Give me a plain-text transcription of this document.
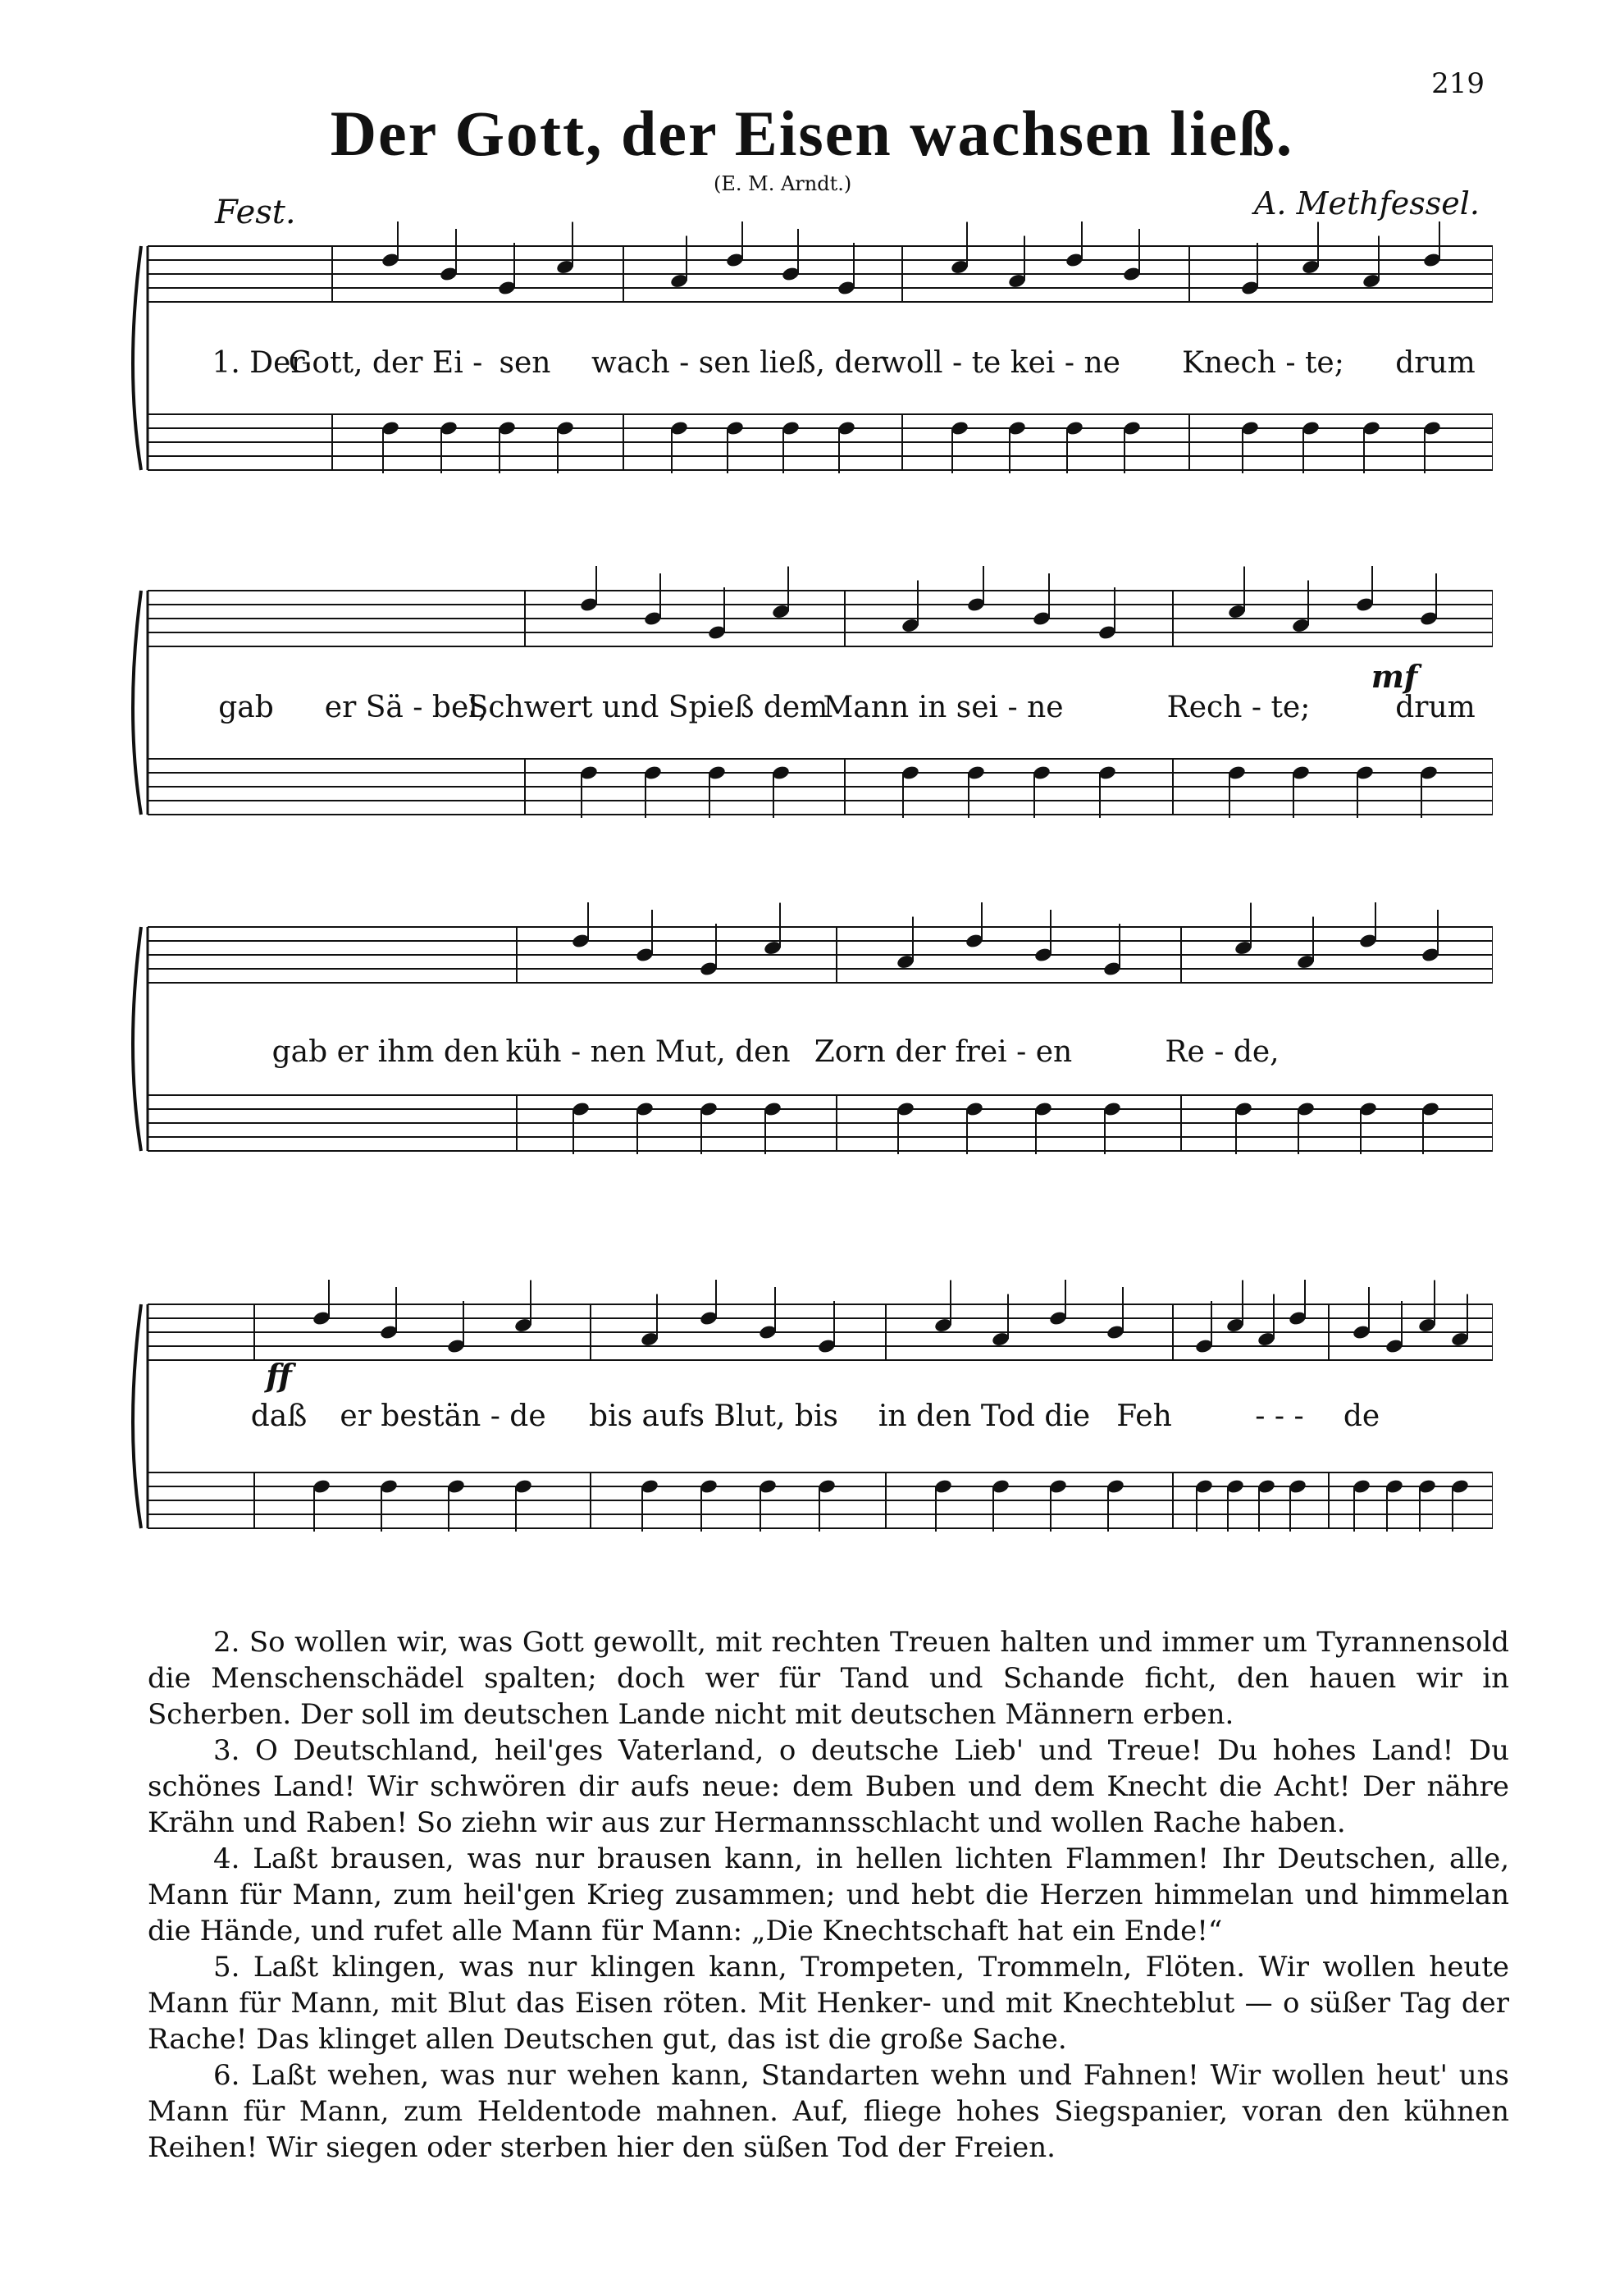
219
Der Gott, der Eisen wachsen ließ.
(E. M. Arndt.)
Fest.	A. Methfessel.
1. Der
Gott, der Ei - sen wach - sen ließ, der
woll - te kei - ne Knech - te; drum
gab er Sä - bel,
Schwert und Spieß dem
Mann in sei - ne	Rech - te;	drum
mf
gab er ihm den küh - nen Mut, den Zorn der frei - en	Re - de,
daß er bestän - de bis aufs Blut, bis in den Tod die Feh	- - - de
ff

2. So wollen wir, was Gott gewollt, mit rechten Treuen halten und immer um Tyrannensold die Menschenschädel spalten; doch wer für Tand und Schande ficht, den hauen wir in Scherben. Der soll im deutschen Lande nicht mit deutschen Männern erben.

3. O Deutschland, heil'ges Vaterland, o deutsche Lieb' und Treue! Du hohes Land! Du schönes Land! Wir schwören dir aufs neue: dem Buben und dem Knecht die Acht! Der nähre Krähn und Raben! So ziehn wir aus zur Hermannsschlacht und wollen Rache haben.

4. Laßt brausen, was nur brausen kann, in hellen lichten Flammen! Ihr Deutschen, alle, Mann für Mann, zum heil'gen Krieg zusammen; und hebt die Herzen himmelan und himmelan die Hände, und rufet alle Mann für Mann: „Die Knechtschaft hat ein Ende!“

5. Laßt klingen, was nur klingen kann, Trompeten, Trommeln, Flöten. Wir wollen heute Mann für Mann, mit Blut das Eisen röten. Mit Henker- und mit Knechteblut — o süßer Tag der Rache! Das klinget allen Deutschen gut, das ist die große Sache.

6. Laßt wehen, was nur wehen kann, Standarten wehn und Fahnen! Wir wollen heut' uns Mann für Mann, zum Heldentode mahnen. Auf, fliege hohes Siegspanier, voran den kühnen Reihen! Wir siegen oder sterben hier den süßen Tod der Freien.
